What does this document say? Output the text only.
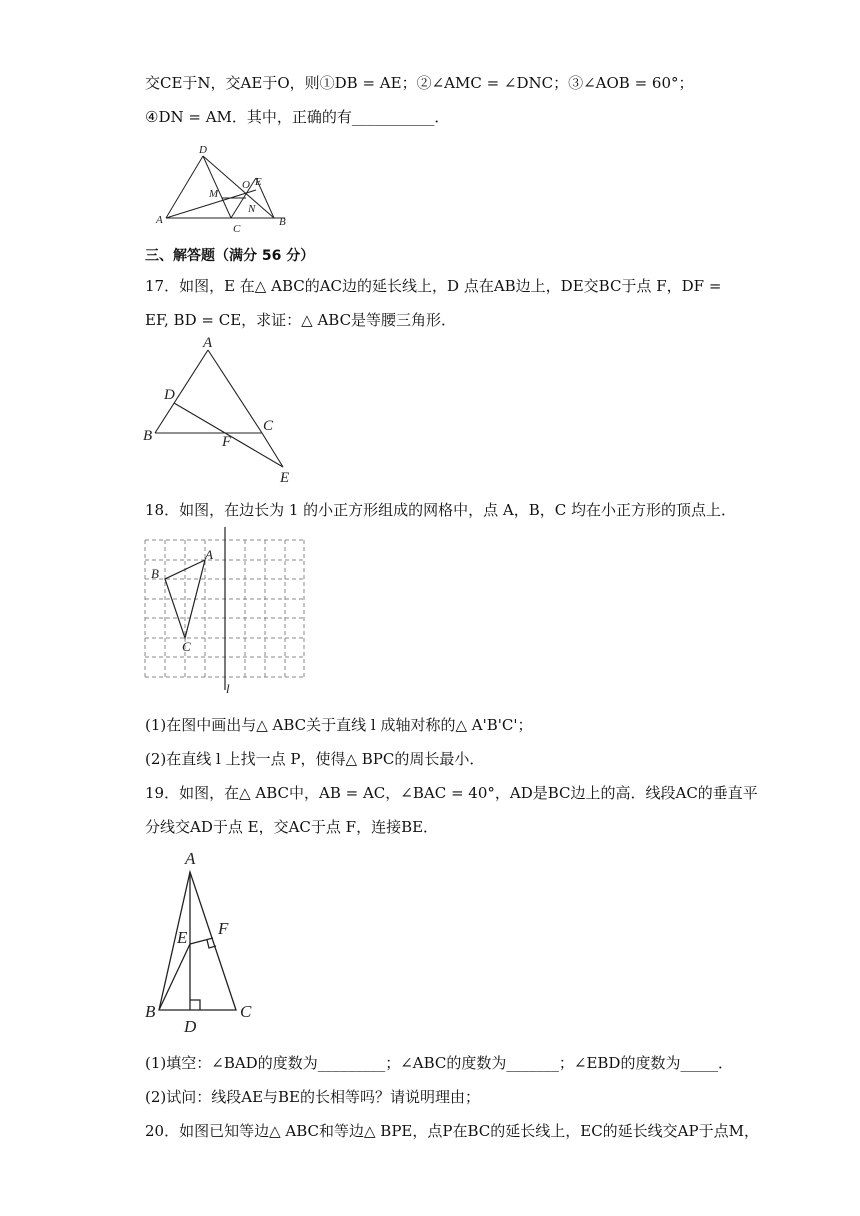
交CE于N，交AE于O，则①DB = AE；②∠AMC = ∠DNC；③∠AOB = 60°；
④DN = AM．其中，正确的有___________．
D
M
O E
N
A
C
B
三、解答题（满分 56 分）
17．如图，E 在△ ABC的AC边的延长线上，D 点在AB边上，DE交BC于点 F，DF =
EF, BD = CE，求证：△ ABC是等腰三角形．
A
D
B	F
C
E
18．如图，在边长为 1 的小正方形组成的网格中，点 A，B，C 均在小正方形的顶点上．
A
B
C
l
(1)在图中画出与△ ABC关于直线 l 成轴对称的△ A'B'C'；
(2)在直线 l 上找一点 P，使得△ BPC的周长最小．
19．如图，在△ ABC中，AB = AC，∠BAC = 40°，AD是BC边上的高．线段AC的垂直平
分线交AD于点 E，交AC于点 F，连接BE．
A
E F
B
D
C
(1)填空：∠BAD的度数为_________；∠ABC的度数为_______；∠EBD的度数为_____．
(2)试问：线段AE与BE的长相等吗？请说明理由；
20．如图已知等边△ ABC和等边△ BPE，点P在BC的延长线上，EC的延长线交AP于点M，
